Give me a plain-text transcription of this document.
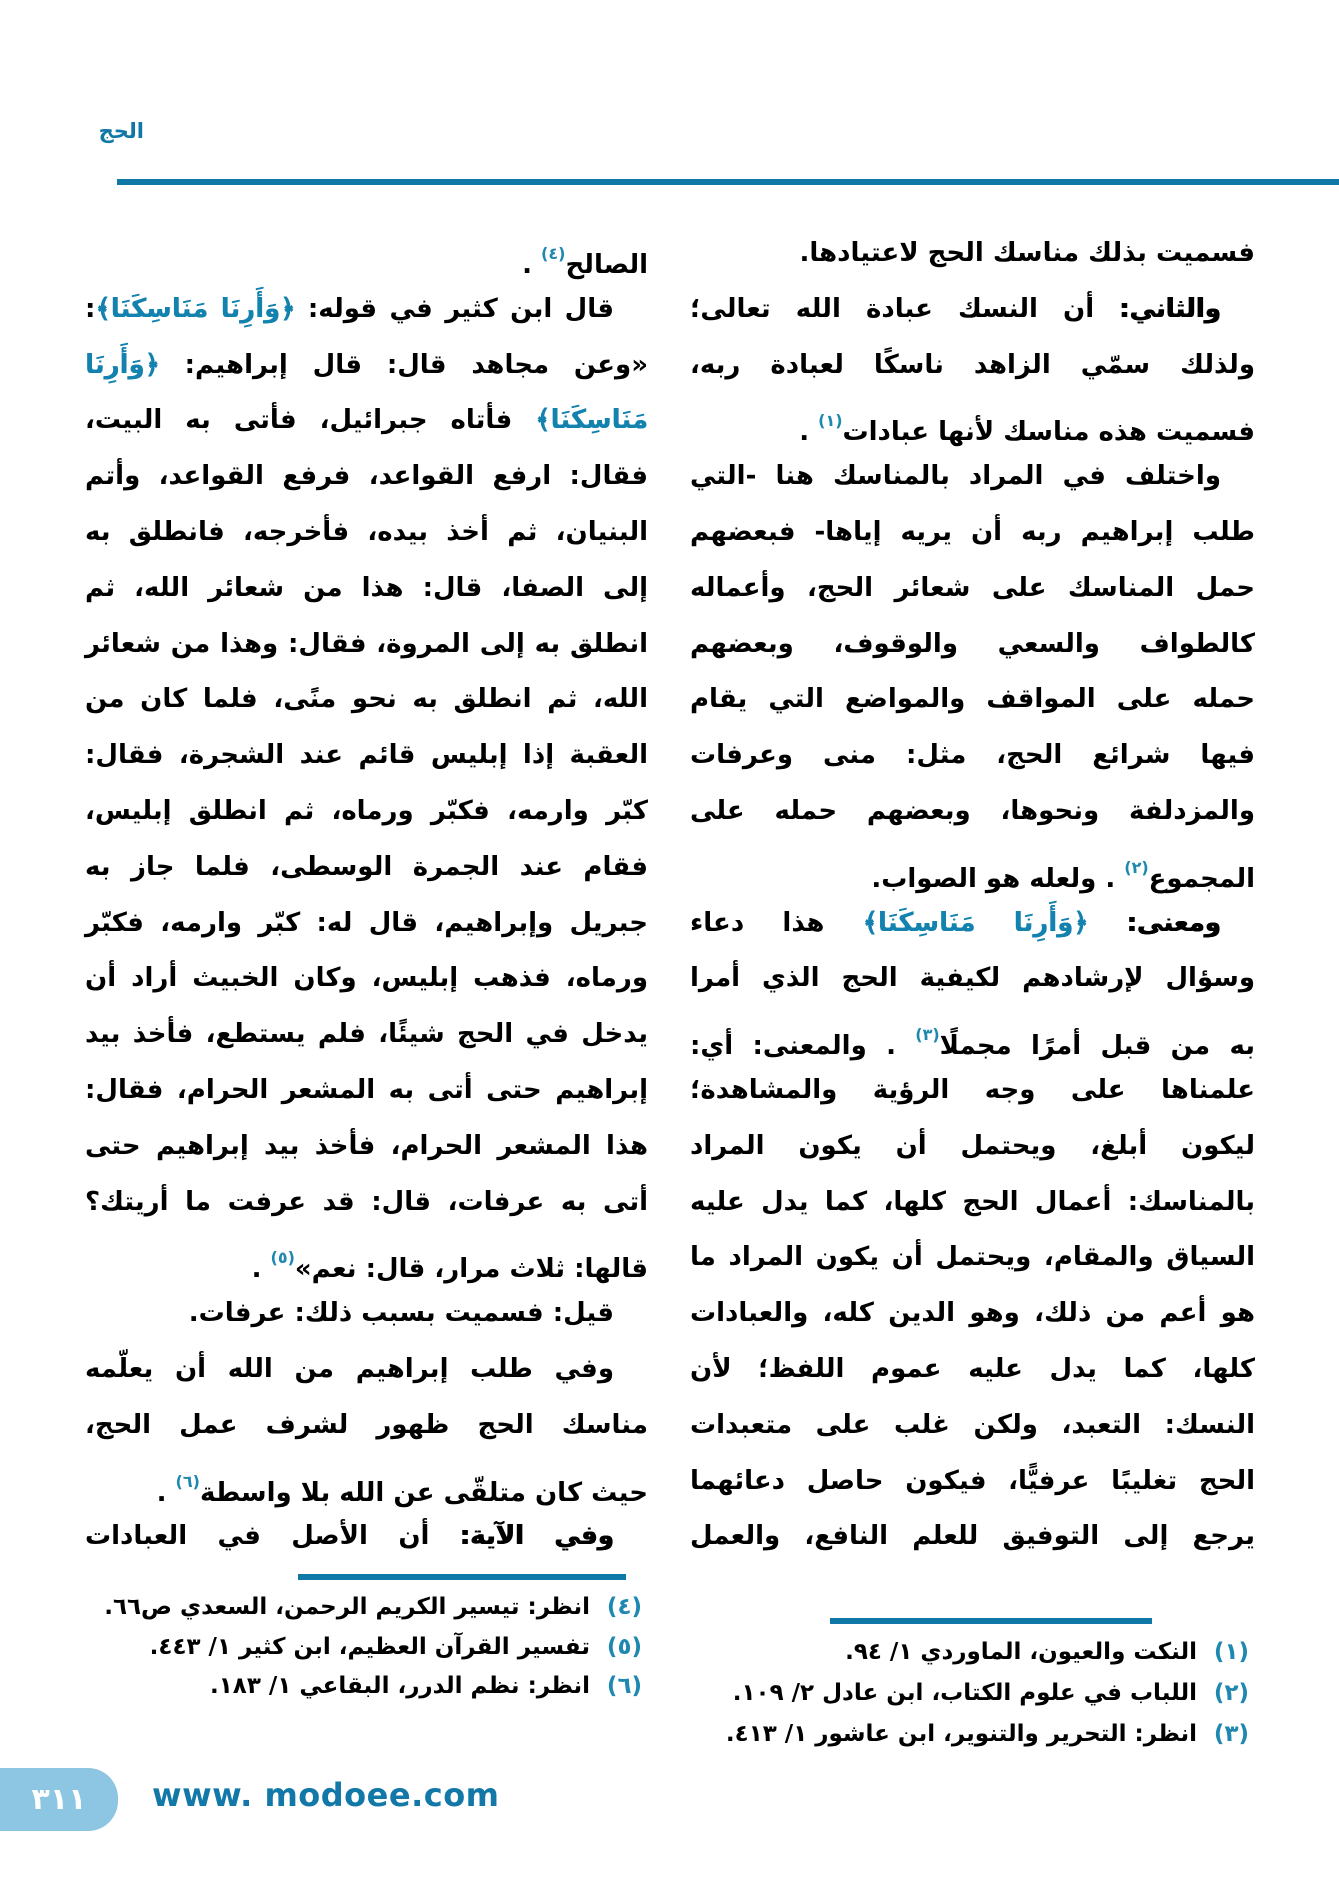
الحج
فسميت بذلك مناسك الحج لاعتيادها.
والثاني: أن النسك عبادة الله تعالى؛
ولذلك سمّي الزاهد ناسكًا لعبادة ربه،
فسميت هذه مناسك لأنها عبادات$^{(١)}$ .
واختلف في المراد بالمناسك هنا -التي
طلب إبراهيم ربه أن يريه إياها- فبعضهم
حمل المناسك على شعائر الحج، وأعماله
كالطواف والسعي والوقوف، وبعضهم
حمله على المواقف والمواضع التي يقام
فيها شرائع الحج، مثل: منى وعرفات
والمزدلفة ونحوها، وبعضهم حمله على
المجموع$^{(٢)}$ . ولعله هو الصواب.
ومعنى: ﴿وَأَرِنَا مَنَاسِكَنَا﴾ هذا دعاء
وسؤال لإرشادهم لكيفية الحج الذي أمرا
به من قبل أمرًا مجملًا$^{(٣)}$ . والمعنى: أي:
علمناها على وجه الرؤية والمشاهدة؛
ليكون أبلغ، ويحتمل أن يكون المراد
بالمناسك: أعمال الحج كلها، كما يدل عليه
السياق والمقام، ويحتمل أن يكون المراد ما
هو أعم من ذلك، وهو الدين كله، والعبادات
كلها، كما يدل عليه عموم اللفظ؛ لأن
النسك: التعبد، ولكن غلب على متعبدات
الحج تغليبًا عرفيًّا، فيكون حاصل دعائهما
يرجع إلى التوفيق للعلم النافع، والعمل
الصالح$^{(٤)}$ .
قال ابن كثير في قوله: ﴿وَأَرِنَا مَنَاسِكَنَا﴾:
«وعن مجاهد قال: قال إبراهيم: ﴿وَأَرِنَا
مَنَاسِكَنَا﴾ فأتاه جبرائيل، فأتى به البيت،
فقال: ارفع القواعد، فرفع القواعد، وأتم
البنيان، ثم أخذ بيده، فأخرجه، فانطلق به
إلى الصفا، قال: هذا من شعائر الله، ثم
انطلق به إلى المروة، فقال: وهذا من شعائر
الله، ثم انطلق به نحو منًى، فلما كان من
العقبة إذا إبليس قائم عند الشجرة، فقال:
كبّر وارمه، فكبّر ورماه، ثم انطلق إبليس،
فقام عند الجمرة الوسطى، فلما جاز به
جبريل وإبراهيم، قال له: كبّر وارمه، فكبّر
ورماه، فذهب إبليس، وكان الخبيث أراد أن
يدخل في الحج شيئًا، فلم يستطع، فأخذ بيد
إبراهيم حتى أتى به المشعر الحرام، فقال:
هذا المشعر الحرام، فأخذ بيد إبراهيم حتى
أتى به عرفات، قال: قد عرفت ما أريتك؟
قالها: ثلاث مرار، قال: نعم»$^{(٥)}$ .
قيل: فسميت بسبب ذلك: عرفات.
وفي طلب إبراهيم من الله أن يعلّمه
مناسك الحج ظهور لشرف عمل الحج،
حيث كان متلقّى عن الله بلا واسطة$^{(٦)}$ .
وفي الآية: أن الأصل في العبادات
(١)
النكت والعيون، الماوردي ١/ ٩٤.
(٢)
اللباب في علوم الكتاب، ابن عادل ٢/ ١٠٩.
(٣)
انظر: التحرير والتنوير، ابن عاشور ١/ ٤١٣.
(٤)
انظر: تيسير الكريم الرحمن، السعدي ص٦٦.
(٥)
تفسير القرآن العظيم، ابن كثير ١/ ٤٤٣.
(٦)
انظر: نظم الدرر، البقاعي ١/ ١٨٣.
٣١١ www. modoee.com
